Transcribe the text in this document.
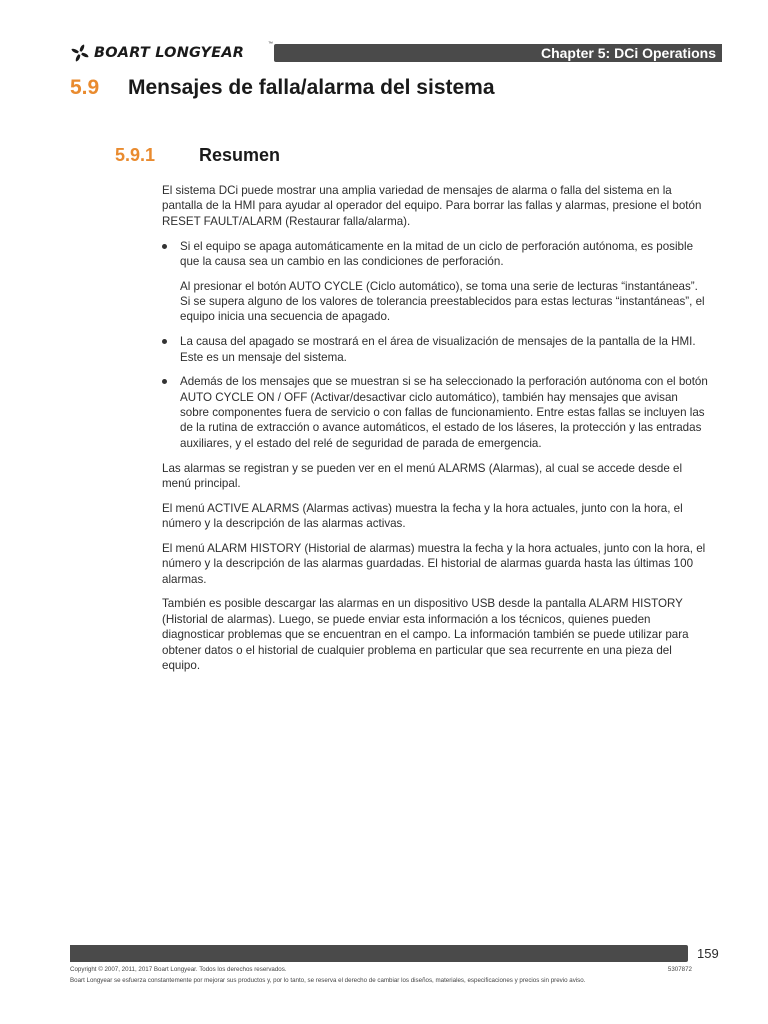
BOART LONGYEAR
™
Chapter 5: DCi Operations
5.9 Mensajes de falla/alarma del sistema
5.9.1 Resumen

El sistema DCi puede mostrar una amplia variedad de mensajes de alarma o falla del sistema en la pantalla de la HMI para ayudar al operador del equipo. Para borrar las fallas y alarmas, presione el botón RESET FAULT/ALARM (Restaurar falla/alarma).

Si el equipo se apaga automáticamente en la mitad de un ciclo de perforación autónoma, es posible que la causa sea un cambio en las condiciones de perforación.

Al presionar el botón AUTO CYCLE (Ciclo automático), se toma una serie de lecturas “instantáneas”. Si se supera alguno de los valores de tolerancia preestablecidos para estas lecturas “instantáneas”, el equipo inicia una secuencia de apagado.

La causa del apagado se mostrará en el área de visualización de mensajes de la pantalla de la HMI. Este es un mensaje del sistema.
Además de los mensajes que se muestran si se ha seleccionado la perforación autónoma con el botón AUTO CYCLE ON / OFF (Activar/desactivar ciclo automático), también hay mensajes que avisan sobre componentes fuera de servicio o con fallas de funcionamiento. Entre estas fallas se incluyen las de la rutina de extracción o avance automáticos, el estado de los láseres, la protección y las entradas auxiliares, y el estado del relé de seguridad de parada de emergencia.

Las alarmas se registran y se pueden ver en el menú ALARMS (Alarmas), al cual se accede desde el menú principal.

El menú ACTIVE ALARMS (Alarmas activas) muestra la fecha y la hora actuales, junto con la hora, el número y la descripción de las alarmas activas.

El menú ALARM HISTORY (Historial de alarmas) muestra la fecha y la hora actuales, junto con la hora, el número y la descripción de las alarmas guardadas. El historial de alarmas guarda hasta las últimas 100 alarmas.

También es posible descargar las alarmas en un dispositivo USB desde la pantalla ALARM HISTORY (Historial de alarmas). Luego, se puede enviar esta información a los técnicos, quienes pueden diagnosticar problemas que se encuentran en el campo. La información también se puede utilizar para obtener datos o el historial de cualquier problema en particular que sea recurrente en una pieza del equipo.

159
Copyright © 2007, 2011, 2017 Boart Longyear. Todos los derechos reservados.	5307872
Boart Longyear se esfuerza constantemente por mejorar sus productos y, por lo tanto, se reserva el derecho de cambiar los diseños, materiales, especificaciones y precios sin previo aviso.
